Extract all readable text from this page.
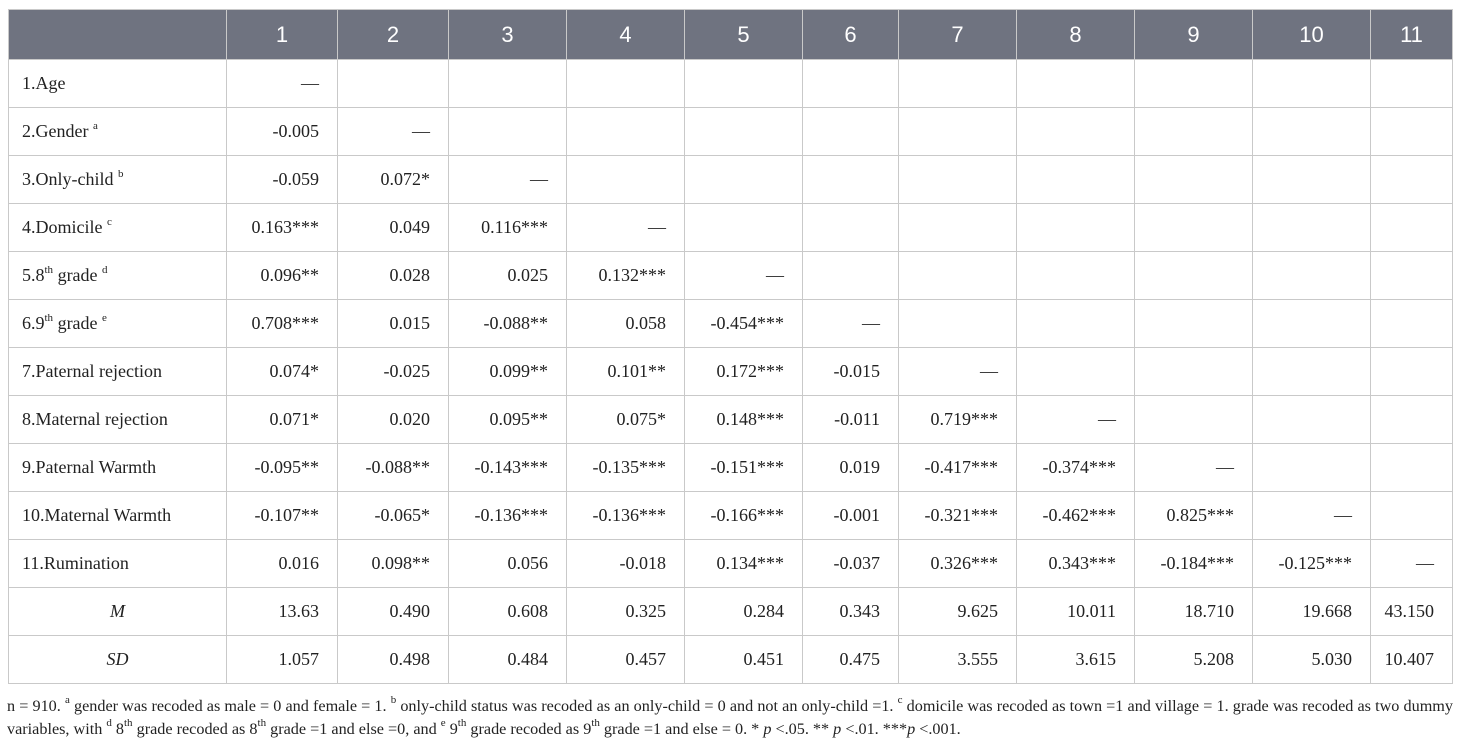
	1	2	3	4	5	6	7	8	9	10	11
1.Age	—										
2.Gender $^a$	-0.005	—									
3.Only-child $^b$	-0.059	0.072*	—								
4.Domicile $^c$	0.163***	0.049	0.116***	—							
5.8th grade $^d$	0.096**	0.028	0.025	0.132***	—						
6.9th grade $^e$	0.708***	0.015	-0.088**	0.058	-0.454***	—					
7.Paternal rejection	0.074*	-0.025	0.099**	0.101**	0.172***	-0.015	—				
8.Maternal rejection	0.071*	0.020	0.095**	0.075*	0.148***	-0.011	0.719***	—			
9.Paternal Warmth	-0.095**	-0.088**	-0.143***	-0.135***	-0.151***	0.019	-0.417***	-0.374***	—		
10.Maternal Warmth	-0.107**	-0.065*	-0.136***	-0.136***	-0.166***	-0.001	-0.321***	-0.462***	0.825***	—	
11.Rumination	0.016	0.098**	0.056	-0.018	0.134***	-0.037	0.326***	0.343***	-0.184***	-0.125***	—
M	13.63	0.490	0.608	0.325	0.284	0.343	9.625	10.011	18.710	19.668	43.150
SD	1.057	0.498	0.484	0.457	0.451	0.475	3.555	3.615	5.208	5.030	10.407
n = 910. $^a$ gender was recoded as male = 0 and female = 1. $^b$ only-child status was recoded as an only-child = 0 and not an only-child =1. $^c$ domicile was recoded as town =1 and village = 1. grade was recoded as two dummy variables, with $^d$ 8th grade recoded as 8th grade =1 and else =0, and $^e$ 9th grade recoded as 9th grade =1 and else = 0. * p <.05. ** p <.01. ***p <.001.
